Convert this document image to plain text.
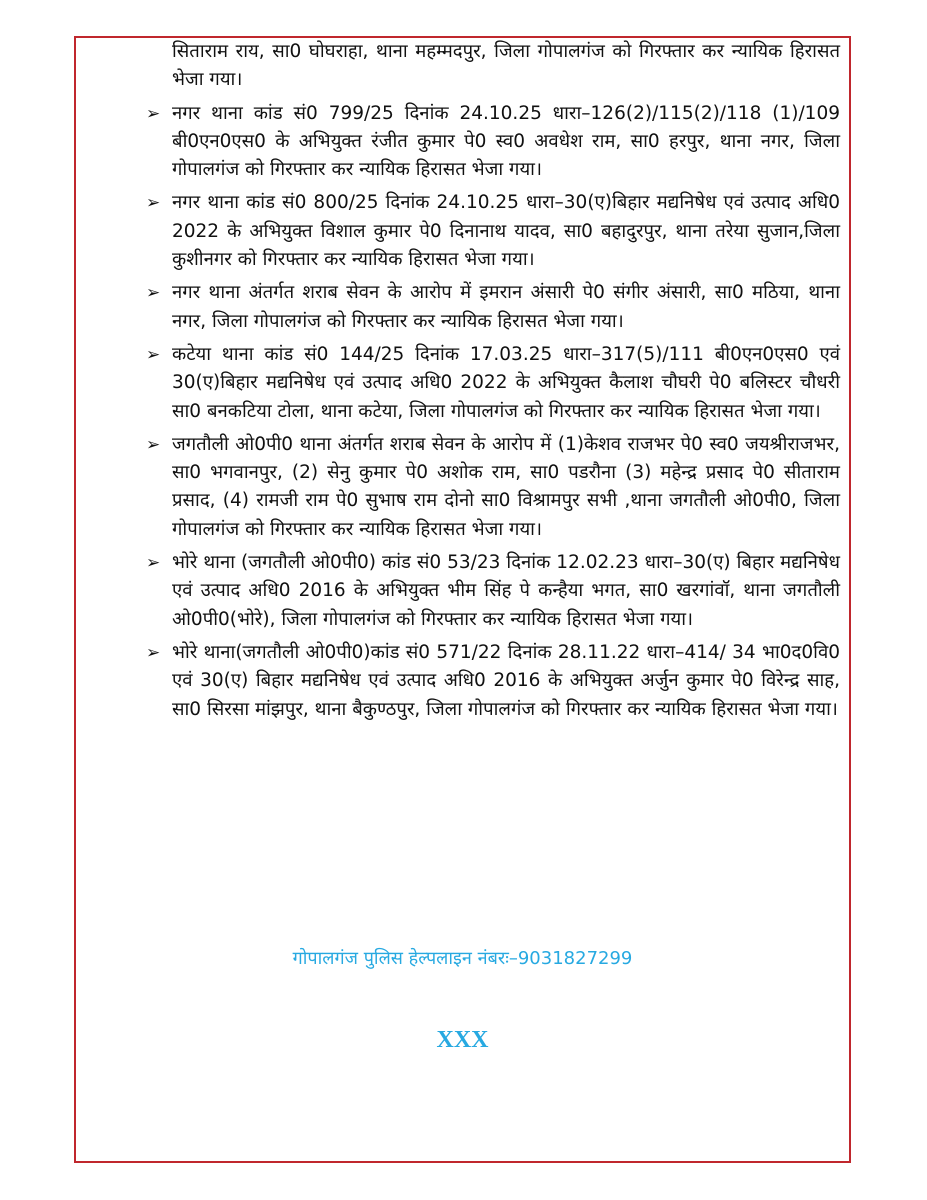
सिताराम राय, सा0 घोघराहा, थाना महम्मदपुर, जिला गोपालगंज को गिरफ्तार कर न्यायिक हिरासत भेजा गया।
➢ नगर थाना कांड सं0 799/25 दिनांक 24.10.25 धारा–126(2)/115(2)/118 (1)/109 बी0एन0एस0 के अभियुक्त रंजीत कुमार पे0 स्व0 अवधेश राम, सा0 हरपुर, थाना नगर, जिला गोपालगंज को गिरफ्तार कर न्यायिक हिरासत भेजा गया।
➢ नगर थाना कांड सं0 800/25 दिनांक 24.10.25 धारा–30(ए)बिहार मद्यनिषेध एवं उत्पाद अधि0 2022 के अभियुक्त विशाल कुमार पे0 दिनानाथ यादव, सा0 बहादुरपुर, थाना तरेया सुजान,जिला कुशीनगर को गिरफ्तार कर न्यायिक हिरासत भेजा गया।
➢ नगर थाना अंतर्गत शराब सेवन के आरोप में इमरान अंसारी पे0 संगीर अंसारी, सा0 मठिया, थाना नगर, जिला गोपालगंज को गिरफ्तार कर न्यायिक हिरासत भेजा गया।
➢ कटेया थाना कांड सं0 144/25 दिनांक 17.03.25 धारा–317(5)/111 बी0एन0एस0 एवं 30(ए)बिहार मद्यनिषेध एवं उत्पाद अधि0 2022 के अभियुक्त कैलाश चौघरी पे0 बलिस्टर चौधरी सा0 बनकटिया टोला, थाना कटेया, जिला गोपालगंज को गिरफ्तार कर न्यायिक हिरासत भेजा गया।
➢ जगतौली ओ0पी0 थाना अंतर्गत शराब सेवन के आरोप में (1)केशव राजभर पे0 स्व0 जयश्रीराजभर, सा0 भगवानपुर, (2) सेनु कुमार पे0 अशोक राम, सा0 पडरौना (3) महेन्द्र प्रसाद पे0 सीताराम प्रसाद, (4) रामजी राम पे0 सुभाष राम दोनो सा0 विश्रामपुर सभी ,थाना जगतौली ओ0पी0, जिला गोपालगंज को गिरफ्तार कर न्यायिक हिरासत भेजा गया।
➢ भोरे थाना (जगतौली ओ0पी0) कांड सं0 53/23 दिनांक 12.02.23 धारा–30(ए) बिहार मद्यनिषेध एवं उत्पाद अधि0 2016 के अभियुक्त भीम सिंह पे कन्हैया भगत, सा0 खरगांवॉ, थाना जगतौली ओ0पी0(भोरे), जिला गोपालगंज को गिरफ्तार कर न्यायिक हिरासत भेजा गया।
➢ भोरे थाना(जगतौली ओ0पी0)कांड सं0 571/22 दिनांक 28.11.22 धारा–414/ 34 भा0द0वि0 एवं 30(ए) बिहार मद्यनिषेध एवं उत्पाद अधि0 2016 के अभियुक्त अर्जुन कुमार पे0 विरेन्द्र साह, सा0 सिरसा मांझपुर, थाना बैकुण्ठपुर, जिला गोपालगंज को गिरफ्तार कर न्यायिक हिरासत भेजा गया।
गोपालगंज पुलिस हेल्पलाइन नंबरः–9031827299
XXX
